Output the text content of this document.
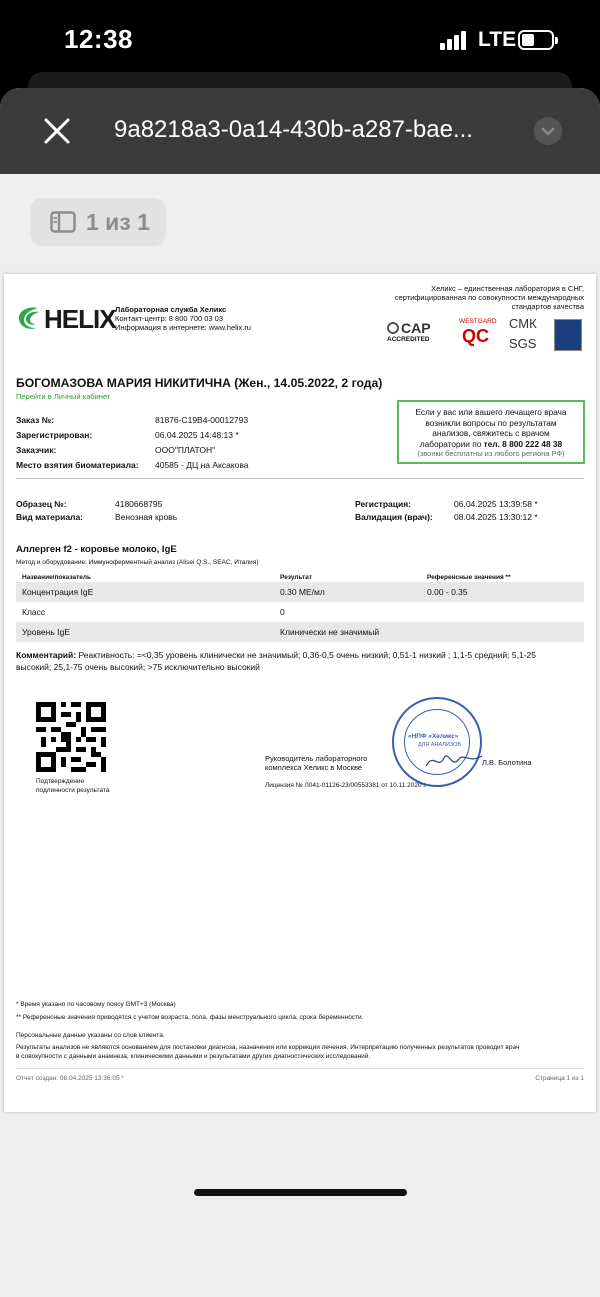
12:38	LTE
9a8218a3-0a14-430b-a287-bae...
1 из 1
HELIX Лабораторная служба Хеликс
Контакт-центр: 8 800 700 03 03
Информация в интернете: www.helix.ru
Хеликс – единственная лаборатория в СНГ,
сертифицированная по совокупности международных
стандартов качества
CAP
ACCREDITED
WESTGARD
QC
СМК
SGS
БОГОМАЗОВА МАРИЯ НИКИТИЧНА (Жен., 14.05.2022, 2 года)
Перейти в Личный кабинет
Заказ №:	81876-C19B4-00012793
Зарегистрирован:	06.04.2025 14:48:13 *
Заказчик:	ООО"ПЛАТОН"
Место взятия биоматериала: 40585 - ДЦ на Аксакова
Если у вас или вашего лечащего врача
возникли вопросы по результатам
анализов, свяжитесь с врачом
лаборатории по тел. 8 800 222 48 38
(звонки бесплатны из любого региона РФ)
Образец №:	4180668795
Вид материала:	Венозная кровь
Регистрация:	06.04.2025 13:39:58 *
Валидация (врач):	08.04.2025 13:30:12 *
Аллерген f2 - коровье молоко, IgE
Метод и оборудование: Иммуноферментный анализ (Alisei Q.S., SEAC, Италия)
Название/показатель	Результат	Референсные значения **
Концентрация IgE	0.30 МЕ/мл	0.00 - 0.35
Класс	0
Уровень IgE	Клинически не значимый
Комментарий: Реактивность: =<0,35 уровень клинически не значимый; 0,36-0,5 очень низкий; 0,51-1 низкий ; 1,1-5 средний; 5,1-25
высокий; 25,1-75 очень высокий; >75 исключительно высокий
Подтверждение
подлинности результата
Руководитель лабораторного
комплекса Хеликс в Москве
«НПФ «Хеликс»
ДЛЯ АНАЛИЗОВ
Л.В. Болотина
Лицензия № Л041-01126-23/00553381 от 10.11.2020 г.
* Время указано по часовому поясу GMT+3 (Москва)
** Референсные значения приводятся с учетом возраста, пола, фазы менструального цикла, срока беременности.
Персональные данные указаны со слов клиента.
Результаты анализов не являются основанием для постановки диагноза, назначения или коррекции лечения. Интерпретацию полученных результатов проводит врач
в совокупности с данными анамнеза, клиническими данными и результатами других диагностических исследований.
Отчет создан: 08.04.2025 13:36:05 *	Страница 1 из 1
